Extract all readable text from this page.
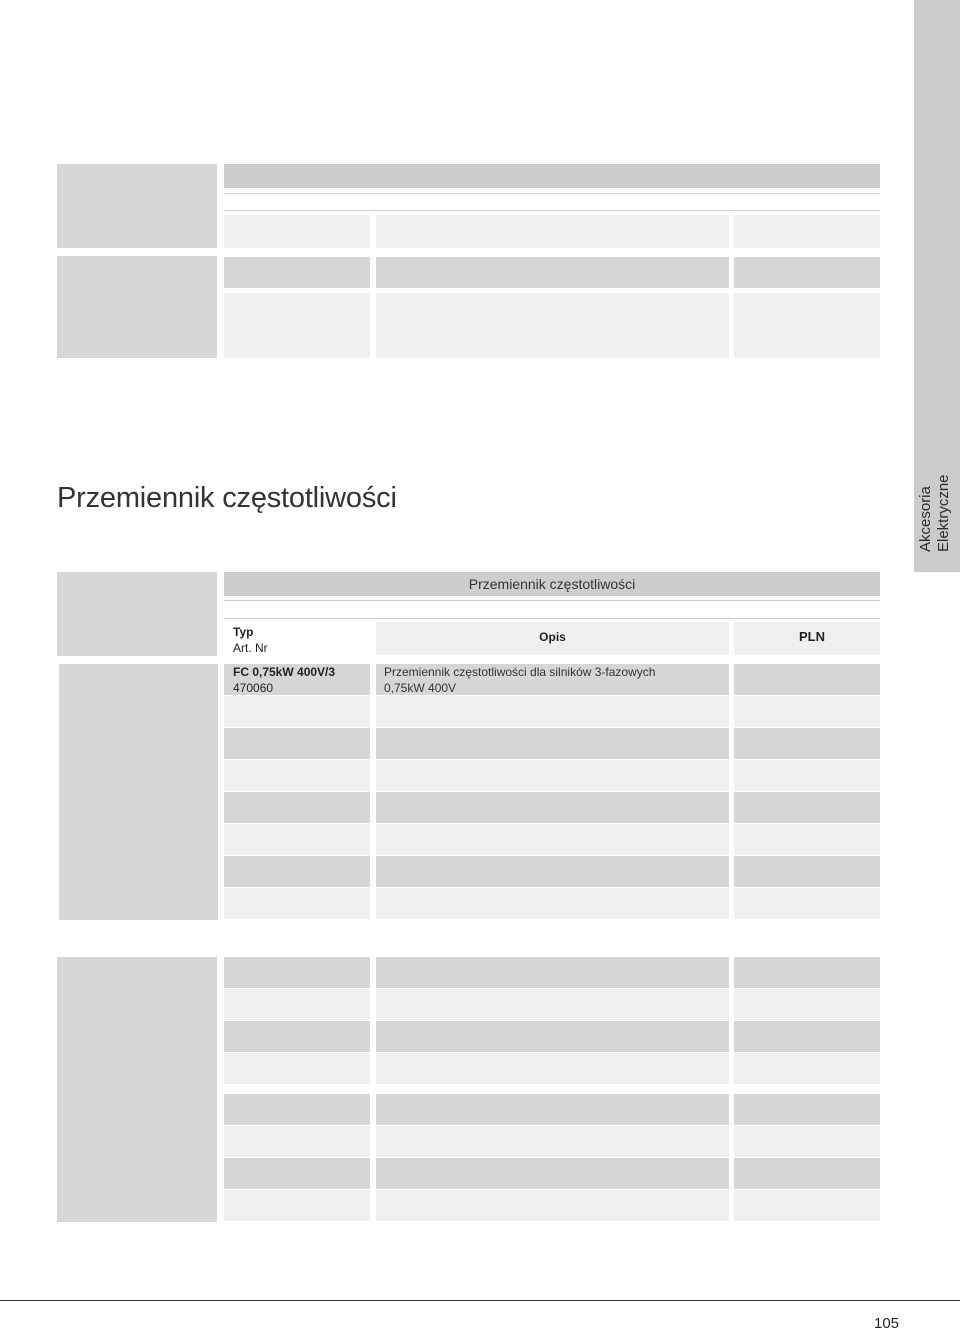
Akcesoria Elektryczne
Przemiennik częstotliwości
Przemiennik częstotliwości
Typ
Art. Nr
Opis	PLN
FC 0,75kW 400V/3
470060
Przemiennik częstotliwości dla silników 3-fazowych
0,75kW 400V
105
